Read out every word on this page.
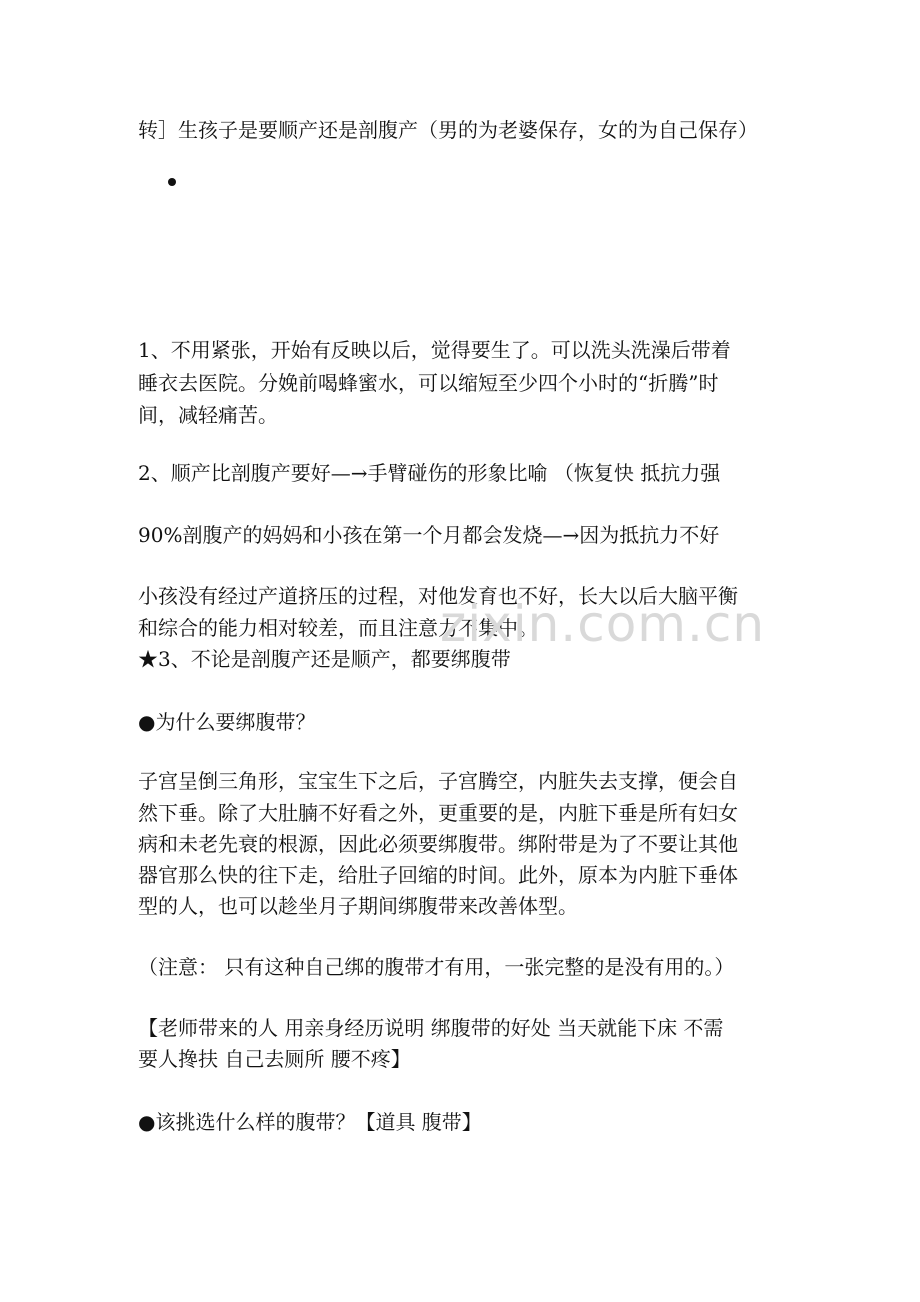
转］生孩子是要顺产还是剖腹产（男的为老婆保存，女的为自己保存）
1、不用紧张，开始有反映以后，觉得要生了。可以洗头洗澡后带着
睡衣去医院。分娩前喝蜂蜜水，可以缩短至少四个小时的“折腾”时
间，减轻痛苦。
2、顺产比剖腹产要好—→手臂碰伤的形象比喻 （恢复快 抵抗力强
90%剖腹产的妈妈和小孩在第一个月都会发烧—→因为抵抗力不好
小孩没有经过产道挤压的过程，对他发育也不好，长大以后大脑平衡
和综合的能力相对较差，而且注意力不集中。
zixin.com.cn
★3、不论是剖腹产还是顺产，都要绑腹带
●为什么要绑腹带？
子宫呈倒三角形，宝宝生下之后，子宫腾空，内脏失去支撑，便会自
然下垂。除了大肚腩不好看之外，更重要的是，内脏下垂是所有妇女
病和未老先衰的根源，因此必须要绑腹带。绑附带是为了不要让其他
器官那么快的往下走，给肚子回缩的时间。此外，原本为内脏下垂体
型的人，也可以趁坐月子期间绑腹带来改善体型。
（注意： 只有这种自己绑的腹带才有用，一张完整的是没有用的。）
【老师带来的人 用亲身经历说明 绑腹带的好处 当天就能下床 不需
要人搀扶 自己去厕所 腰不疼】
●该挑选什么样的腹带？【道具 腹带】
